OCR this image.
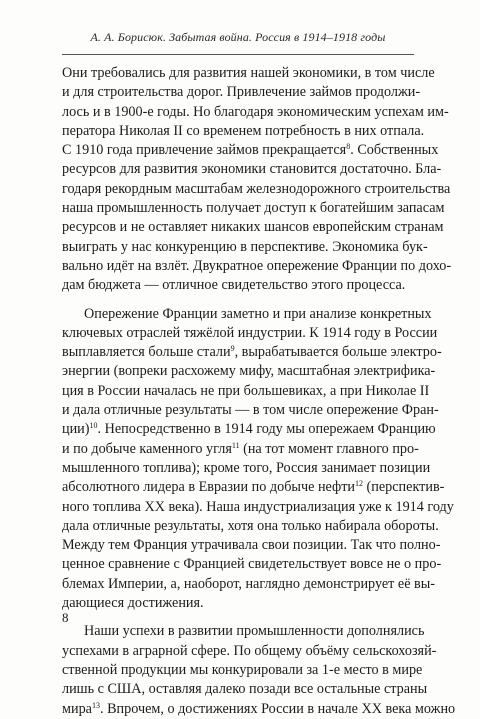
А. А. Борисюк. Забытая война. Россия в 1914–1918 годы
Они требовались для развития нашей экономики, в том числе
и для строительства дорог. Привлечение займов продолжи-
лось и в 1900-е годы. Но благодаря экономическим успехам им-
ператора Николая II со временем потребность в них отпала.
С 1910 года привлечение займов прекращается$^8$. Собственных
ресурсов для развития экономики становится достаточно. Бла-
годаря рекордным масштабам железнодорожного строительства
наша промышленность получает доступ к богатейшим запасам
ресурсов и не оставляет никаких шансов европейским странам
выиграть у нас конкуренцию в перспективе. Экономика бук-
вально идёт на взлёт. Двукратное опережение Франции по дохо-
дам бюджета — отличное свидетельство этого процесса.
Опережение Франции заметно и при анализе конкретных
ключевых отраслей тяжёлой индустрии. К 1914 году в России
выплавляется больше стали$^9$, вырабатывается больше электро-
энергии (вопреки расхожему мифу, масштабная электрифика-
ция в России началась не при большевиках, а при Николае II
и дала отличные результаты — в том числе опережение Фран-
ции)$^{10}$. Непосредственно в 1914 году мы опережаем Францию
и по добыче каменного угля$^{11}$ (на тот момент главного про-
мышленного топлива); кроме того, Россия занимает позиции
абсолютного лидера в Евразии по добыче нефти$^{12}$ (перспектив-
ного топлива XX века). Наша индустриализация уже к 1914 году
дала отличные результаты, хотя она только набирала обороты.
Между тем Франция утрачивала свои позиции. Так что полно-
ценное сравнение с Францией свидетельствует вовсе не о про-
блемах Империи, а, наоборот, наглядно демонстрирует её вы-
дающиеся достижения.
Наши успехи в развитии промышленности дополнялись
успехами в аграрной сфере. По общему объёму сельскохозяй-
ственной продукции мы конкурировали за 1-е место в мире
лишь с США, оставляя далеко позади все остальные страны
мира$^{13}$. Впрочем, о достижениях России в начале XX века можно
8
